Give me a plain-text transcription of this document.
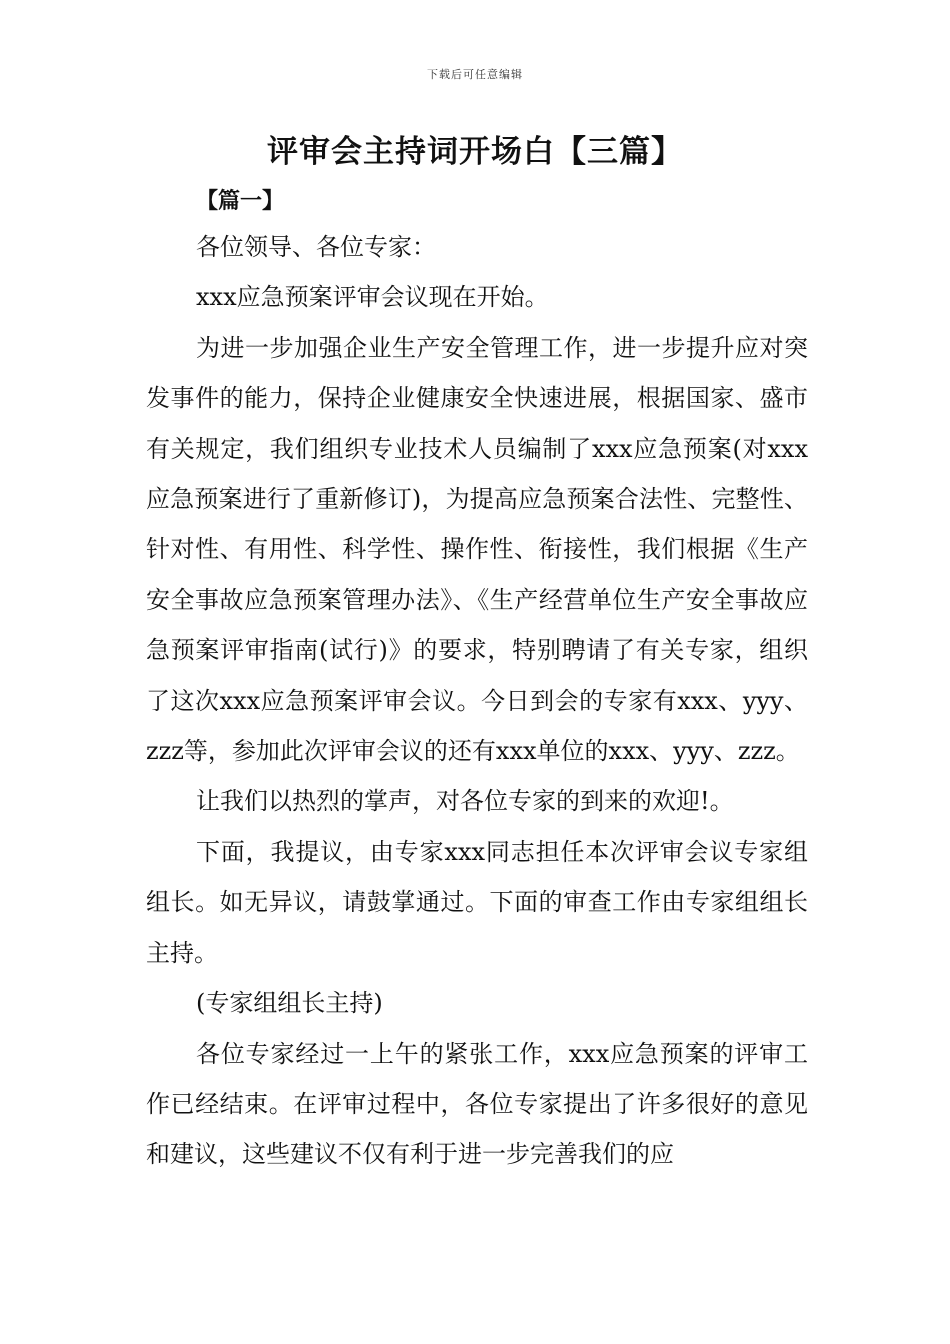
下载后可任意编辑
评审会主持词开场白【三篇】
【篇一】

各位领导、各位专家：

xxx应急预案评审会议现在开始。

为进一步加强企业生产安全管理工作，进一步提升应对突发事件的能力，保持企业健康安全快速进展，根据国家、盛市有关规定，我们组织专业技术人员编制了xxx应急预案(对xxx应急预案进行了重新修订)，为提高应急预案合法性、完整性、针对性、有用性、科学性、操作性、衔接性，我们根据《生产安全事故应急预案管理办法》、《生产经营单位生产安全事故应急预案评审指南(试行)》的要求，特别聘请了有关专家，组织了这次xxx应急预案评审会议。今日到会的专家有xxx、yyy、zzz等，参加此次评审会议的还有xxx单位的xxx、yyy、zzz。

让我们以热烈的掌声，对各位专家的到来的欢迎!。

下面，我提议，由专家xxx同志担任本次评审会议专家组组长。如无异议，请鼓掌通过。下面的审查工作由专家组组长主持。

(专家组组长主持)

各位专家经过一上午的紧张工作，xxx应急预案的评审工作已经结束。在评审过程中，各位专家提出了许多很好的意见和建议，这些建议不仅有利于进一步完善我们的应
